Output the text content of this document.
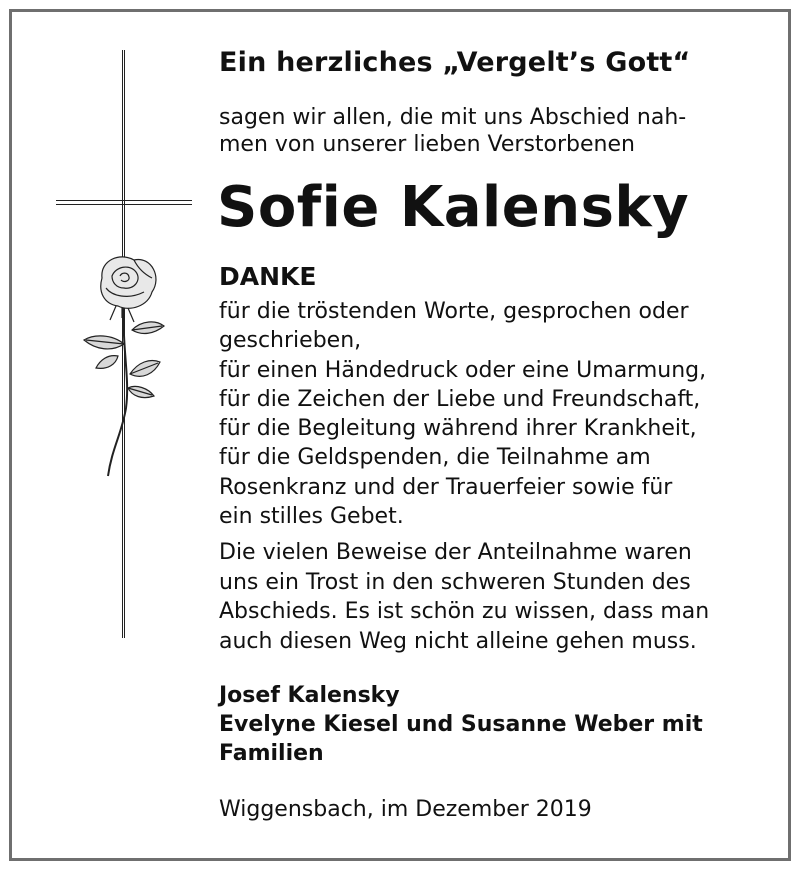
Ein herzliches „Vergelt’s Gott“

sagen wir allen, die mit uns Abschied nah-
men von unserer lieben Verstorbenen

Sofie Kalensky

DANKE

für die tröstenden Worte, gesprochen oder
geschrieben,
für einen Händedruck oder eine Umarmung,
für die Zeichen der Liebe und Freundschaft,
für die Begleitung während ihrer Krankheit,
für die Geldspenden, die Teilnahme am
Rosenkranz und der Trauerfeier sowie für
ein stilles Gebet.

Die vielen Beweise der Anteilnahme waren
uns ein Trost in den schweren Stunden des
Abschieds. Es ist schön zu wissen, dass man
auch diesen Weg nicht alleine gehen muss.

Josef Kalensky
Evelyne Kiesel und Susanne Weber mit
Familien

Wiggensbach, im Dezember 2019
